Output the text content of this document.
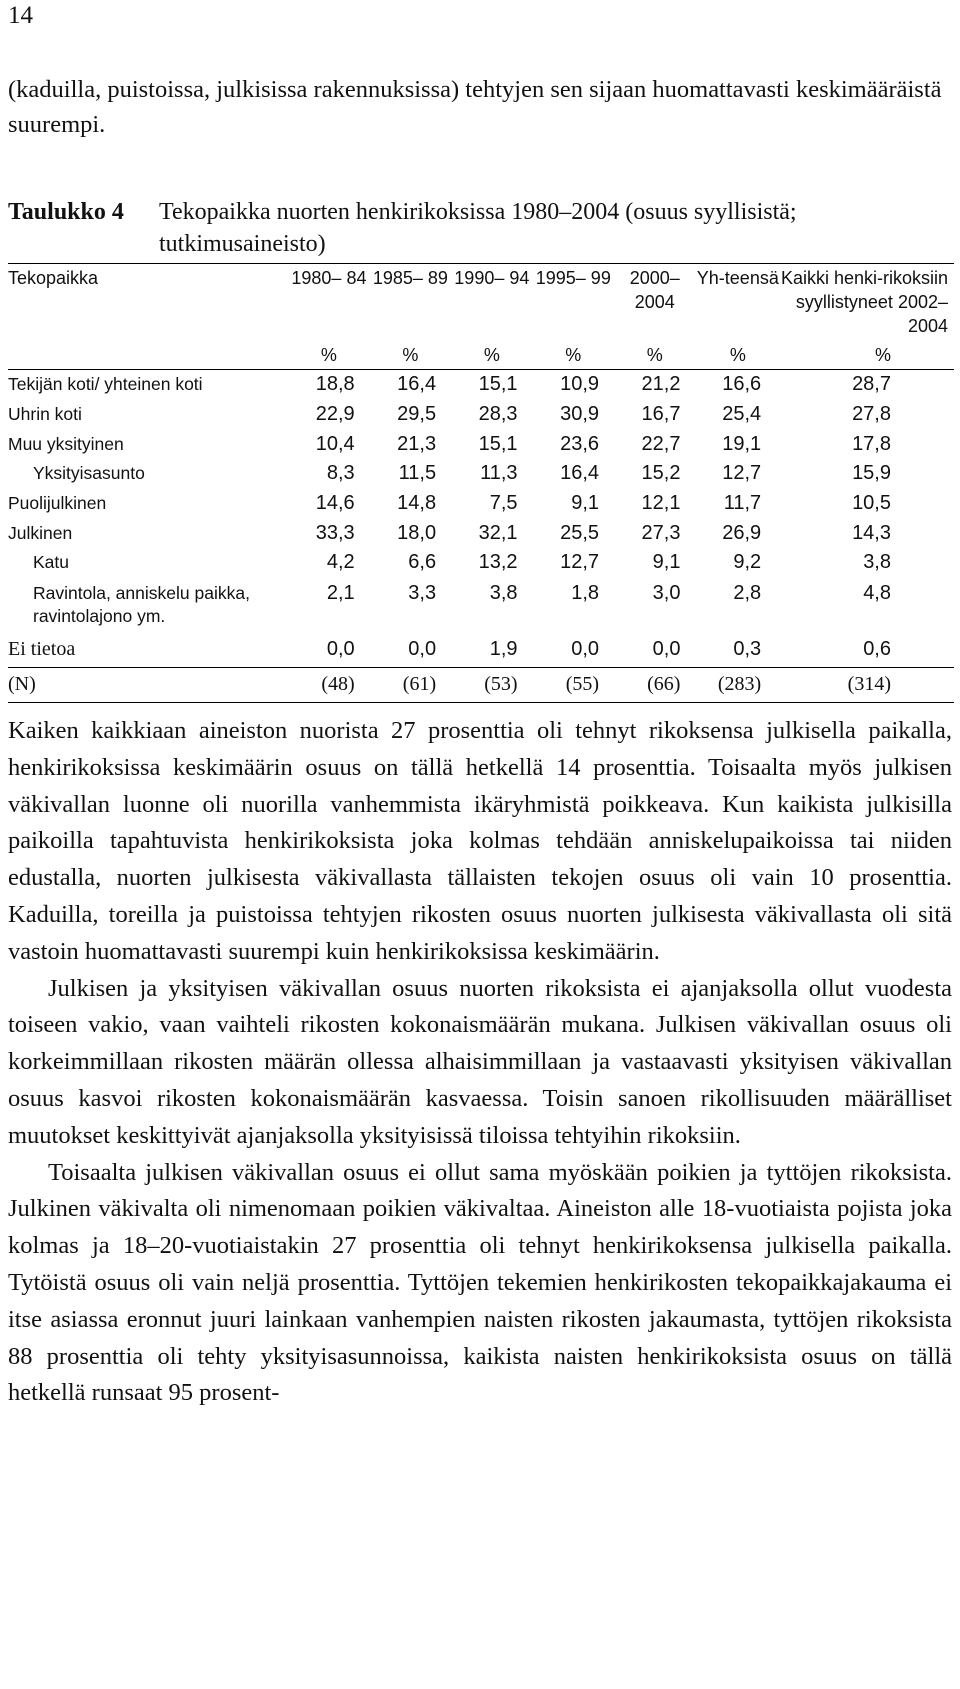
14

(kaduilla, puistoissa, julkisissa rakennuksissa) tehtyjen sen sijaan huomattavasti keskimääräistä suurempi.

Taulukko 4 Tekopaikka nuorten henkirikoksissa 1980–2004 (osuus syyllisistä; tutkimusaineisto)
Tekopaikka	1980– 84	1985– 89	1990– 94	1995– 99	2000– 2004	Yh-teensä	Kaikki henki-rikoksiin syyllistyneet 2002–2004
	%	%	%	%	%	%	%
Tekijän koti/ yhteinen koti	18,8	16,4	15,1	10,9	21,2	16,6	28,7
Uhrin koti	22,9	29,5	28,3	30,9	16,7	25,4	27,8
Muu yksityinen	10,4	21,3	15,1	23,6	22,7	19,1	17,8
Yksityisasunto	8,3	11,5	11,3	16,4	15,2	12,7	15,9
Puolijulkinen	14,6	14,8	7,5	9,1	12,1	11,7	10,5
Julkinen	33,3	18,0	32,1	25,5	27,3	26,9	14,3
Katu	4,2	6,6	13,2	12,7	9,1	9,2	3,8
Ravintola, anniskelu paikka, ravintolajono ym.	2,1	3,3	3,8	1,8	3,0	2,8	4,8
Ei tietoa	0,0	0,0	1,9	0,0	0,0	0,3	0,6
(N)	(48)	(61)	(53)	(55)	(66)	(283)	(314)

Kaiken kaikkiaan aineiston nuorista 27 prosenttia oli tehnyt rikoksensa julkisella paikalla, henkirikoksissa keskimäärin osuus on tällä hetkellä 14 prosenttia. Toisaalta myös julkisen väkivallan luonne oli nuorilla vanhemmista ikäryhmistä poikkeava. Kun kaikista julkisilla paikoilla tapahtuvista henkirikoksista joka kolmas tehdään anniskelupaikoissa tai niiden edustalla, nuorten julkisesta väkivallasta tällaisten tekojen osuus oli vain 10 prosenttia. Kaduilla, toreilla ja puistoissa tehtyjen rikosten osuus nuorten julkisesta väkivallasta oli sitä vastoin huomattavasti suurempi kuin henkirikoksissa keskimäärin.

Julkisen ja yksityisen väkivallan osuus nuorten rikoksista ei ajanjaksolla ollut vuodesta toiseen vakio, vaan vaihteli rikosten kokonaismäärän mukana. Julkisen väkivallan osuus oli korkeimmillaan rikosten määrän ollessa alhaisimmillaan ja vastaavasti yksityisen väkivallan osuus kasvoi rikosten kokonaismäärän kasvaessa. Toisin sanoen rikollisuuden määrälliset muutokset keskittyivät ajanjaksolla yksityisissä tiloissa tehtyihin rikoksiin.

Toisaalta julkisen väkivallan osuus ei ollut sama myöskään poikien ja tyttöjen rikoksista. Julkinen väkivalta oli nimenomaan poikien väkivaltaa. Aineiston alle 18-vuotiaista pojista joka kolmas ja 18–20-vuotiaistakin 27 prosenttia oli tehnyt henkirikoksensa julkisella paikalla. Tytöistä osuus oli vain neljä prosenttia. Tyttöjen tekemien henkirikosten tekopaikkajakauma ei itse asiassa eronnut juuri lainkaan vanhempien naisten rikosten jakaumasta, tyttöjen rikoksista 88 prosenttia oli tehty yksityisasunnoissa, kaikista naisten henkirikoksista osuus on tällä hetkellä runsaat 95 prosent-
